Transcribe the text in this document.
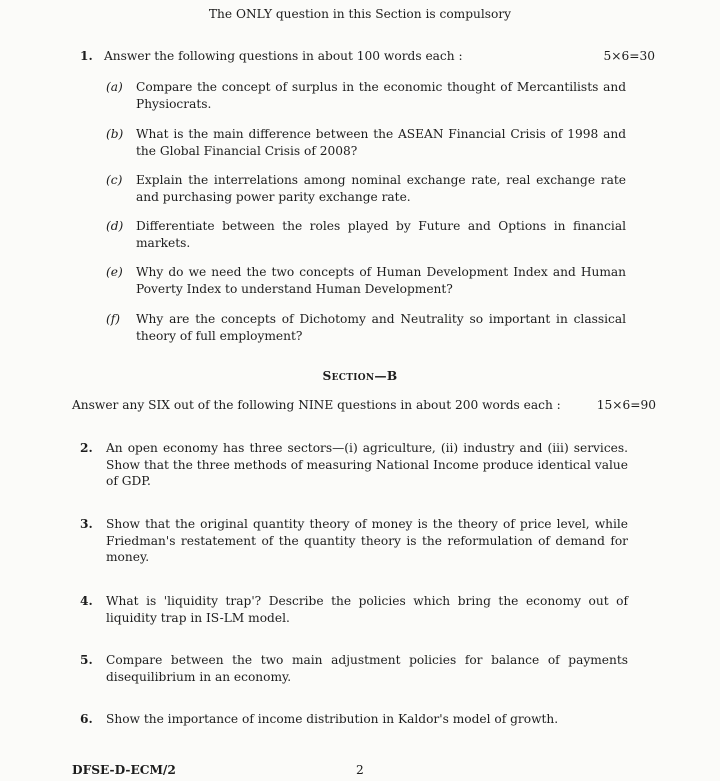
The ONLY question in this Section is compulsory
1. Answer the following questions in about 100 words each :	5×6=30
(a) Compare the concept of surplus in the economic thought of Mercantilists and Physiocrats.
(b) What is the main difference between the ASEAN Financial Crisis of 1998 and the Global Financial Crisis of 2008?
(c) Explain the interrelations among nominal exchange rate, real exchange rate and purchasing power parity exchange rate.
(d) Differentiate between the roles played by Future and Options in financial markets.
(e) Why do we need the two concepts of Human Development Index and Human Poverty Index to understand Human Development?
(f) Why are the concepts of Dichotomy and Neutrality so important in classical theory of full employment?
Section—B
Answer any SIX out of the following NINE questions in about 200 words each :	15×6=90
2. An open economy has three sectors—(i) agriculture, (ii) industry and (iii) services. Show that the three methods of measuring National Income produce identical value of GDP.
3. Show that the original quantity theory of money is the theory of price level, while Friedman's restatement of the quantity theory is the reformulation of demand for money.
4. What is 'liquidity trap'? Describe the policies which bring the economy out of liquidity trap in IS-LM model.
5. Compare between the two main adjustment policies for balance of payments disequilibrium in an economy.
6. Show the importance of income distribution in Kaldor's model of growth.
DFSE-D-ECM/2	2
